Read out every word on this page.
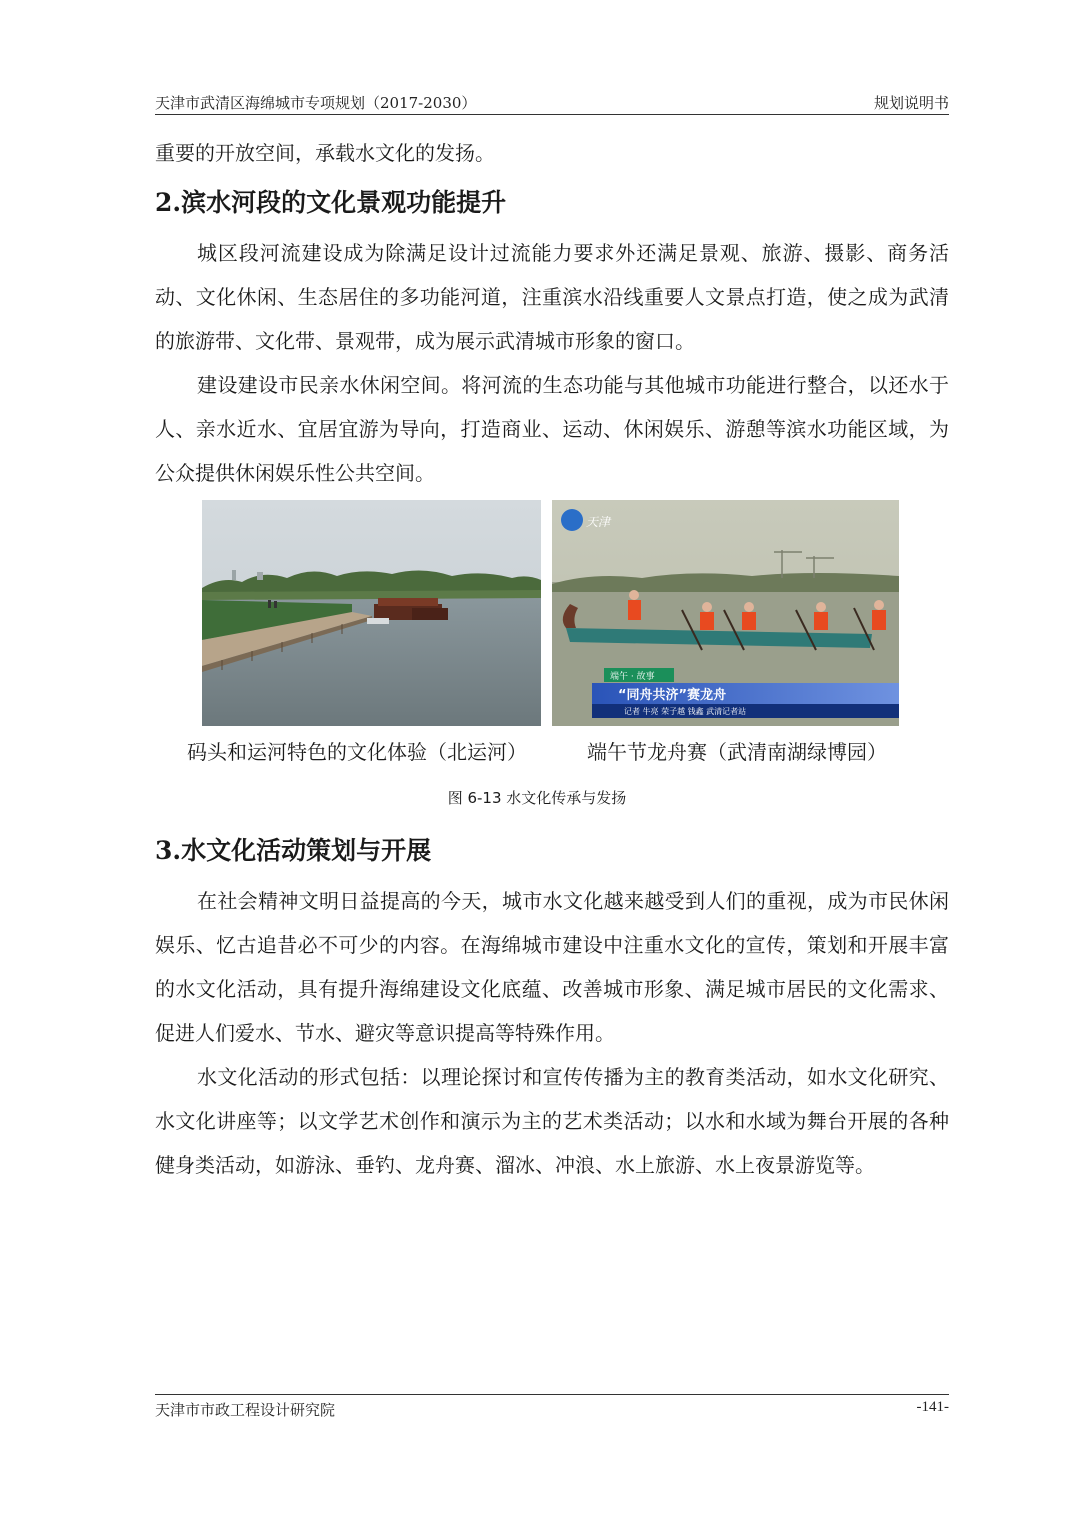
天津市武清区海绵城市专项规划（2017-2030）	规划说明书

重要的开放空间，承载水文化的发扬。

2.滨水河段的文化景观功能提升

城区段河流建设成为除满足设计过流能力要求外还满足景观、旅游、摄影、商务活动、文化休闲、生态居住的多功能河道，注重滨水沿线重要人文景点打造，使之成为武清的旅游带、文化带、景观带，成为展示武清城市形象的窗口。

建设建设市民亲水休闲空间。将河流的生态功能与其他城市功能进行整合，以还水于人、亲水近水、宜居宜游为导向，打造商业、运动、休闲娱乐、游憩等滨水功能区域，为公众提供休闲娱乐性公共空间。

天津
端午 · 故事
“同舟共济”赛龙舟
记者 牛亮 荣子越 钱鑫 武清记者站
码头和运河特色的文化体验（北运河）	端午节龙舟赛（武清南湖绿博园）
图 6-13 水文化传承与发扬
3.水文化活动策划与开展

在社会精神文明日益提高的今天，城市水文化越来越受到人们的重视，成为市民休闲娱乐、忆古追昔必不可少的内容。在海绵城市建设中注重水文化的宣传，策划和开展丰富的水文化活动，具有提升海绵建设文化底蕴、改善城市形象、满足城市居民的文化需求、促进人们爱水、节水、避灾等意识提高等特殊作用。

水文化活动的形式包括：以理论探讨和宣传传播为主的教育类活动，如水文化研究、水文化讲座等；以文学艺术创作和演示为主的艺术类活动；以水和水域为舞台开展的各种健身类活动，如游泳、垂钓、龙舟赛、溜冰、冲浪、水上旅游、水上夜景游览等。

天津市市政工程设计研究院	-141-
